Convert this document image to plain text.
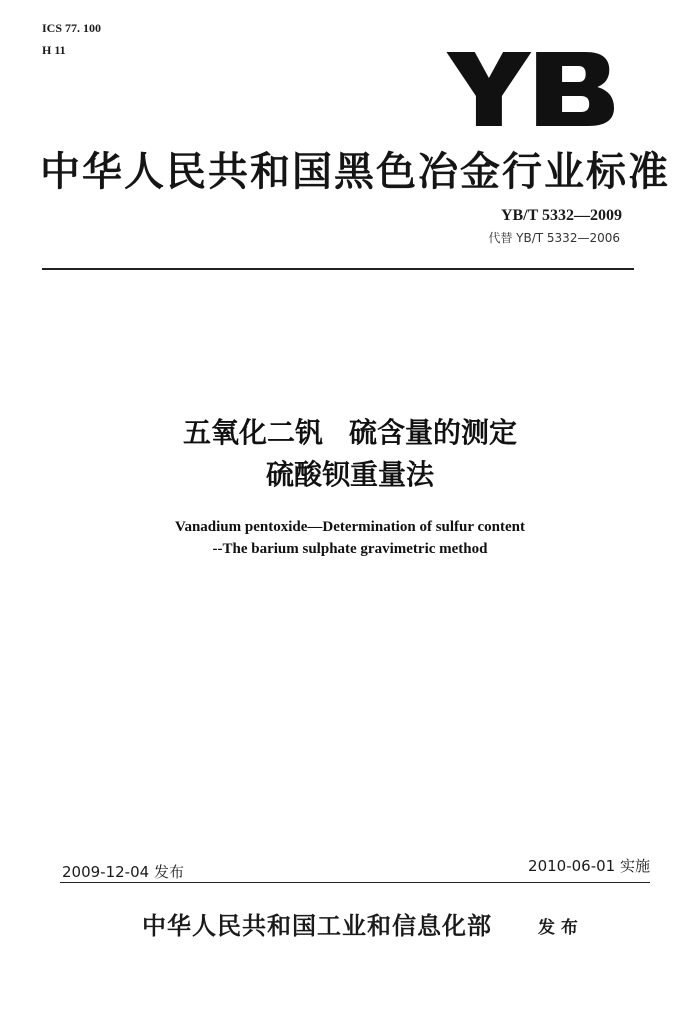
ICS 77. 100
H 11
中华人民共和国黑色冶金行业标准
YB/T 5332—2009
代替 YB/T 5332—2006
五氧化二钒 硫含量的测定
硫酸钡重量法
Vanadium pentoxide—Determination of sulfur content
--The barium sulphate gravimetric method
2009-12-04 发布	2010-06-01 实施
中华人民共和国工业和信息化部	发 布
